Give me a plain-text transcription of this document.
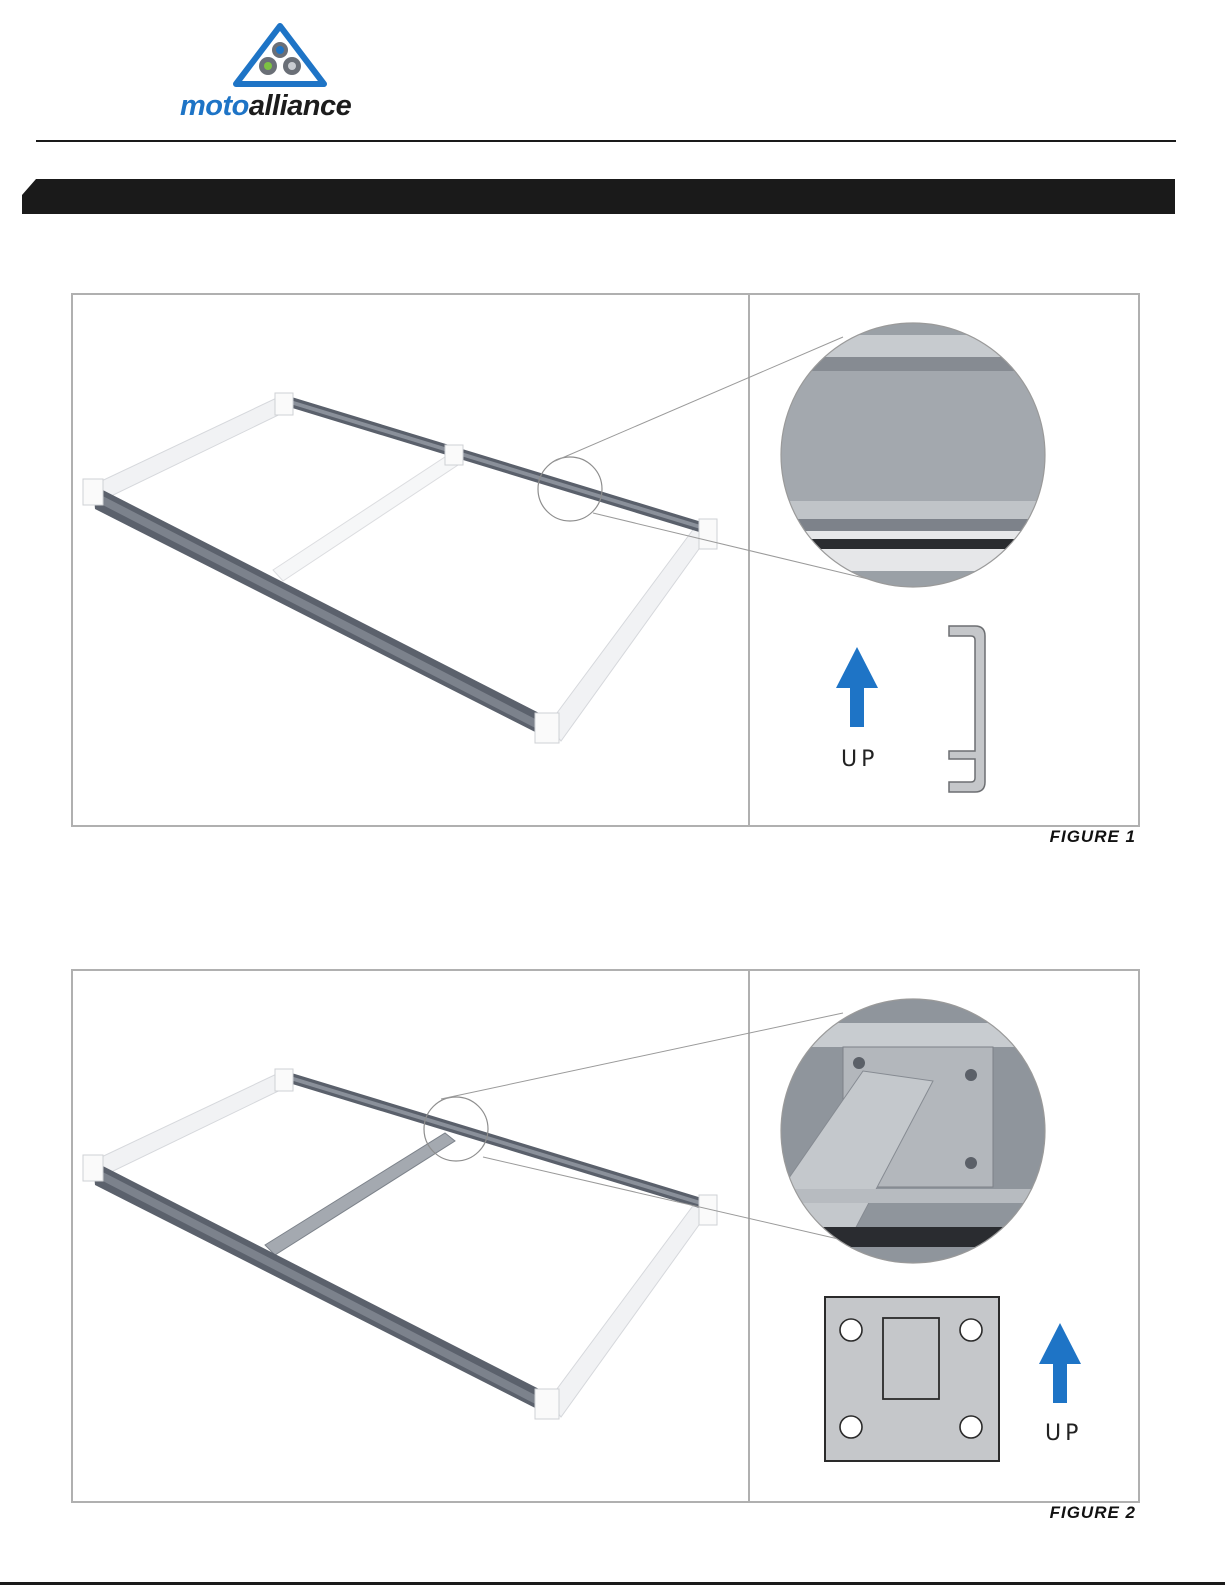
motoalliance
UP
FIGURE 1
UP
FIGURE 2
